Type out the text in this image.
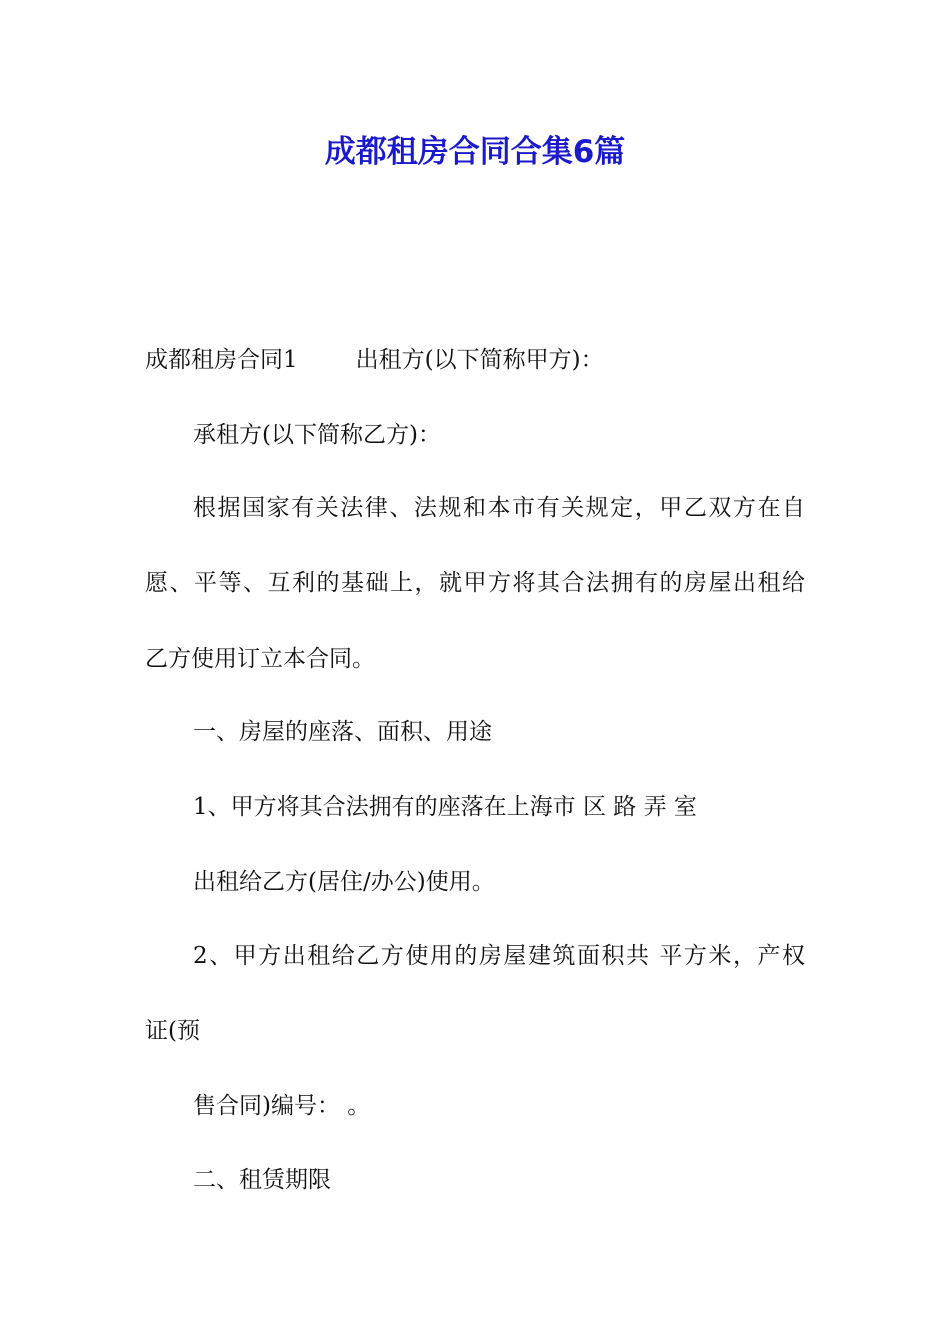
成都租房合同合集6篇

成都租房合同1	出租方(以下简称甲方)：

承租方(以下简称乙方)：

根据国家有关法律、法规和本市有关规定，甲乙双方在自

愿、平等、互利的基础上，就甲方将其合法拥有的房屋出租给

乙方使用订立本合同。

一、房屋的座落、面积、用途

1、甲方将其合法拥有的座落在上海市 区 路 弄 室

出租给乙方(居住/办公)使用。

2、甲方出租给乙方使用的房屋建筑面积共 平方米，产权

证(预

售合同)编号： 。

二、租赁期限
